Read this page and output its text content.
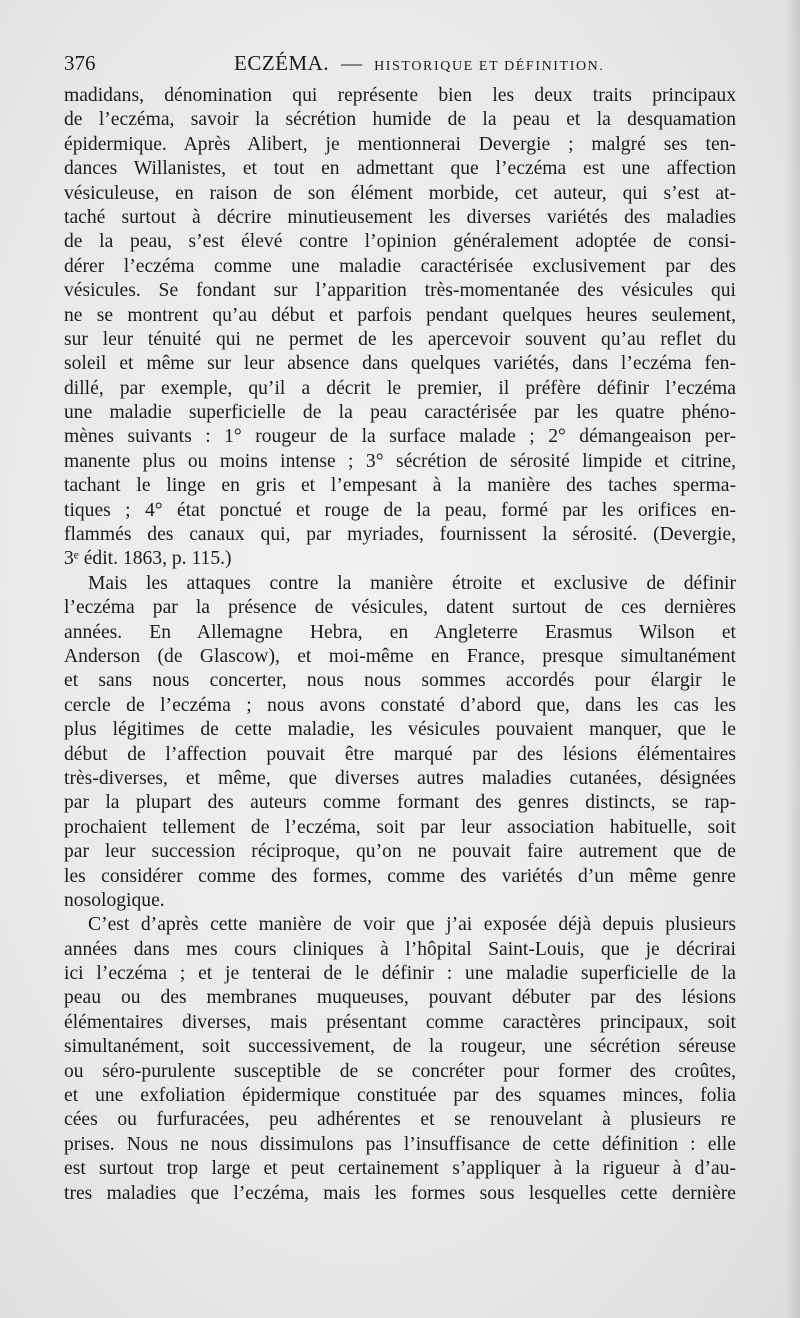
376	ECZÉMA. — HISTORIQUE ET DÉFINITION.
madidans, dénomination qui représente bien les deux traits principaux
de l’eczéma, savoir la sécrétion humide de la peau et la desquamation
épidermique. Après Alibert, je mentionnerai Devergie ; malgré ses ten-
dances Willanistes, et tout en admettant que l’eczéma est une affection
vésiculeuse, en raison de son élément morbide, cet auteur, qui s’est at-
taché surtout à décrire minutieusement les diverses variétés des maladies
de la peau, s’est élevé contre l’opinion généralement adoptée de consi-
dérer l’eczéma comme une maladie caractérisée exclusivement par des
vésicules. Se fondant sur l’apparition très-momentanée des vésicules qui
ne se montrent qu’au début et parfois pendant quelques heures seulement,
sur leur ténuité qui ne permet de les apercevoir souvent qu’au reflet du
soleil et même sur leur absence dans quelques variétés, dans l’eczéma fen-
dillé, par exemple, qu’il a décrit le premier, il préfère définir l’eczéma
une maladie superficielle de la peau caractérisée par les quatre phéno-
mènes suivants : 1° rougeur de la surface malade ; 2° démangeaison per-
manente plus ou moins intense ; 3° sécrétion de sérosité limpide et citrine,
tachant le linge en gris et l’empesant à la manière des taches sperma-
tiques ; 4° état ponctué et rouge de la peau, formé par les orifices en-
flammés des canaux qui, par myriades, fournissent la sérosité. (Devergie,
3ᵉ édit. 1863, p. 115.)
Mais les attaques contre la manière étroite et exclusive de définir
l’eczéma par la présence de vésicules, datent surtout de ces dernières
années. En Allemagne Hebra, en Angleterre Erasmus Wilson et
Anderson (de Glascow), et moi-même en France, presque simultanément
et sans nous concerter, nous nous sommes accordés pour élargir le
cercle de l’eczéma ; nous avons constaté d’abord que, dans les cas les
plus légitimes de cette maladie, les vésicules pouvaient manquer, que le
début de l’affection pouvait être marqué par des lésions élémentaires
très-diverses, et même, que diverses autres maladies cutanées, désignées
par la plupart des auteurs comme formant des genres distincts, se rap-
prochaient tellement de l’eczéma, soit par leur association habituelle, soit
par leur succession réciproque, qu’on ne pouvait faire autrement que de
les considérer comme des formes, comme des variétés d’un même genre
nosologique.
C’est d’après cette manière de voir que j’ai exposée déjà depuis plusieurs
années dans mes cours cliniques à l’hôpital Saint-Louis, que je décrirai
ici l’eczéma ; et je tenterai de le définir : une maladie superficielle de la
peau ou des membranes muqueuses, pouvant débuter par des lésions
élémentaires diverses, mais présentant comme caractères principaux, soit
simultanément, soit successivement, de la rougeur, une sécrétion séreuse
ou séro-purulente susceptible de se concréter pour former des croûtes,
et une exfoliation épidermique constituée par des squames minces, folia
cées ou furfuracées, peu adhérentes et se renouvelant à plusieurs re
prises. Nous ne nous dissimulons pas l’insuffisance de cette définition : elle
est surtout trop large et peut certainement s’appliquer à la rigueur à d’au-
tres maladies que l’eczéma, mais les formes sous lesquelles cette dernière
